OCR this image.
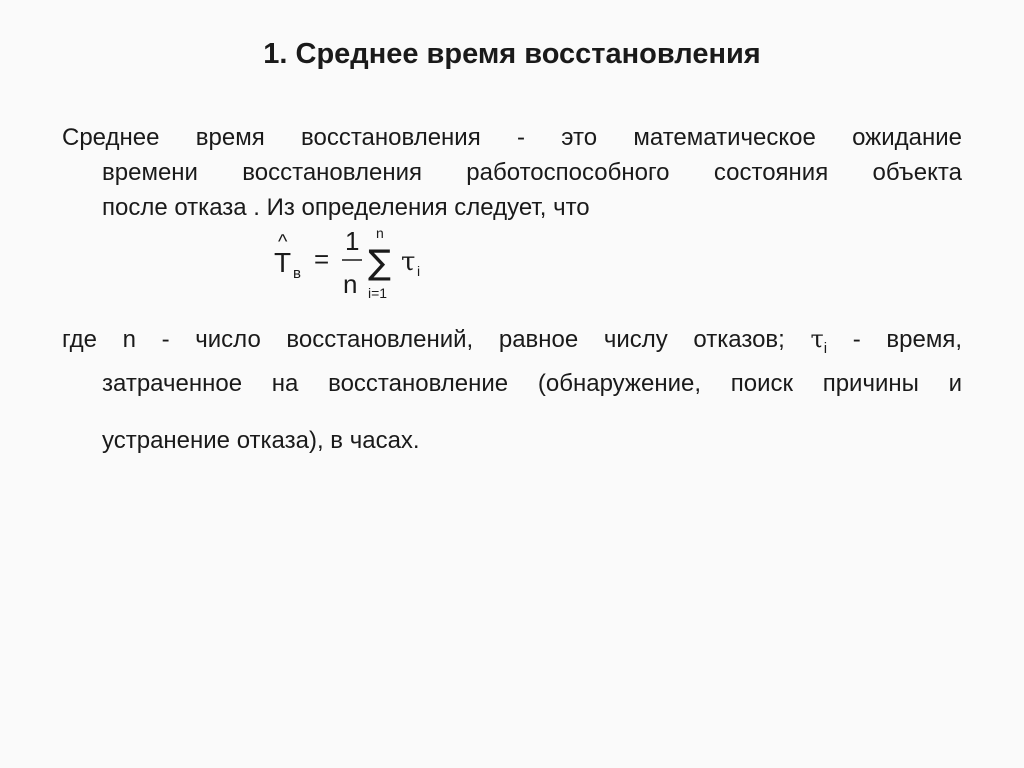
1. Среднее время восстановления
Среднее время восстановления - это математическое ожидание
времени восстановления работоспособного состояния объекта
после отказа . Из определения следует, что
^
T в =
1
n
n
∑
i=1
τ i
где n - число восстановлений, равное числу отказов; $\tau_i$ - время,
затраченное на восстановление (обнаружение, поиск причины и
устранение отказа), в часах.
